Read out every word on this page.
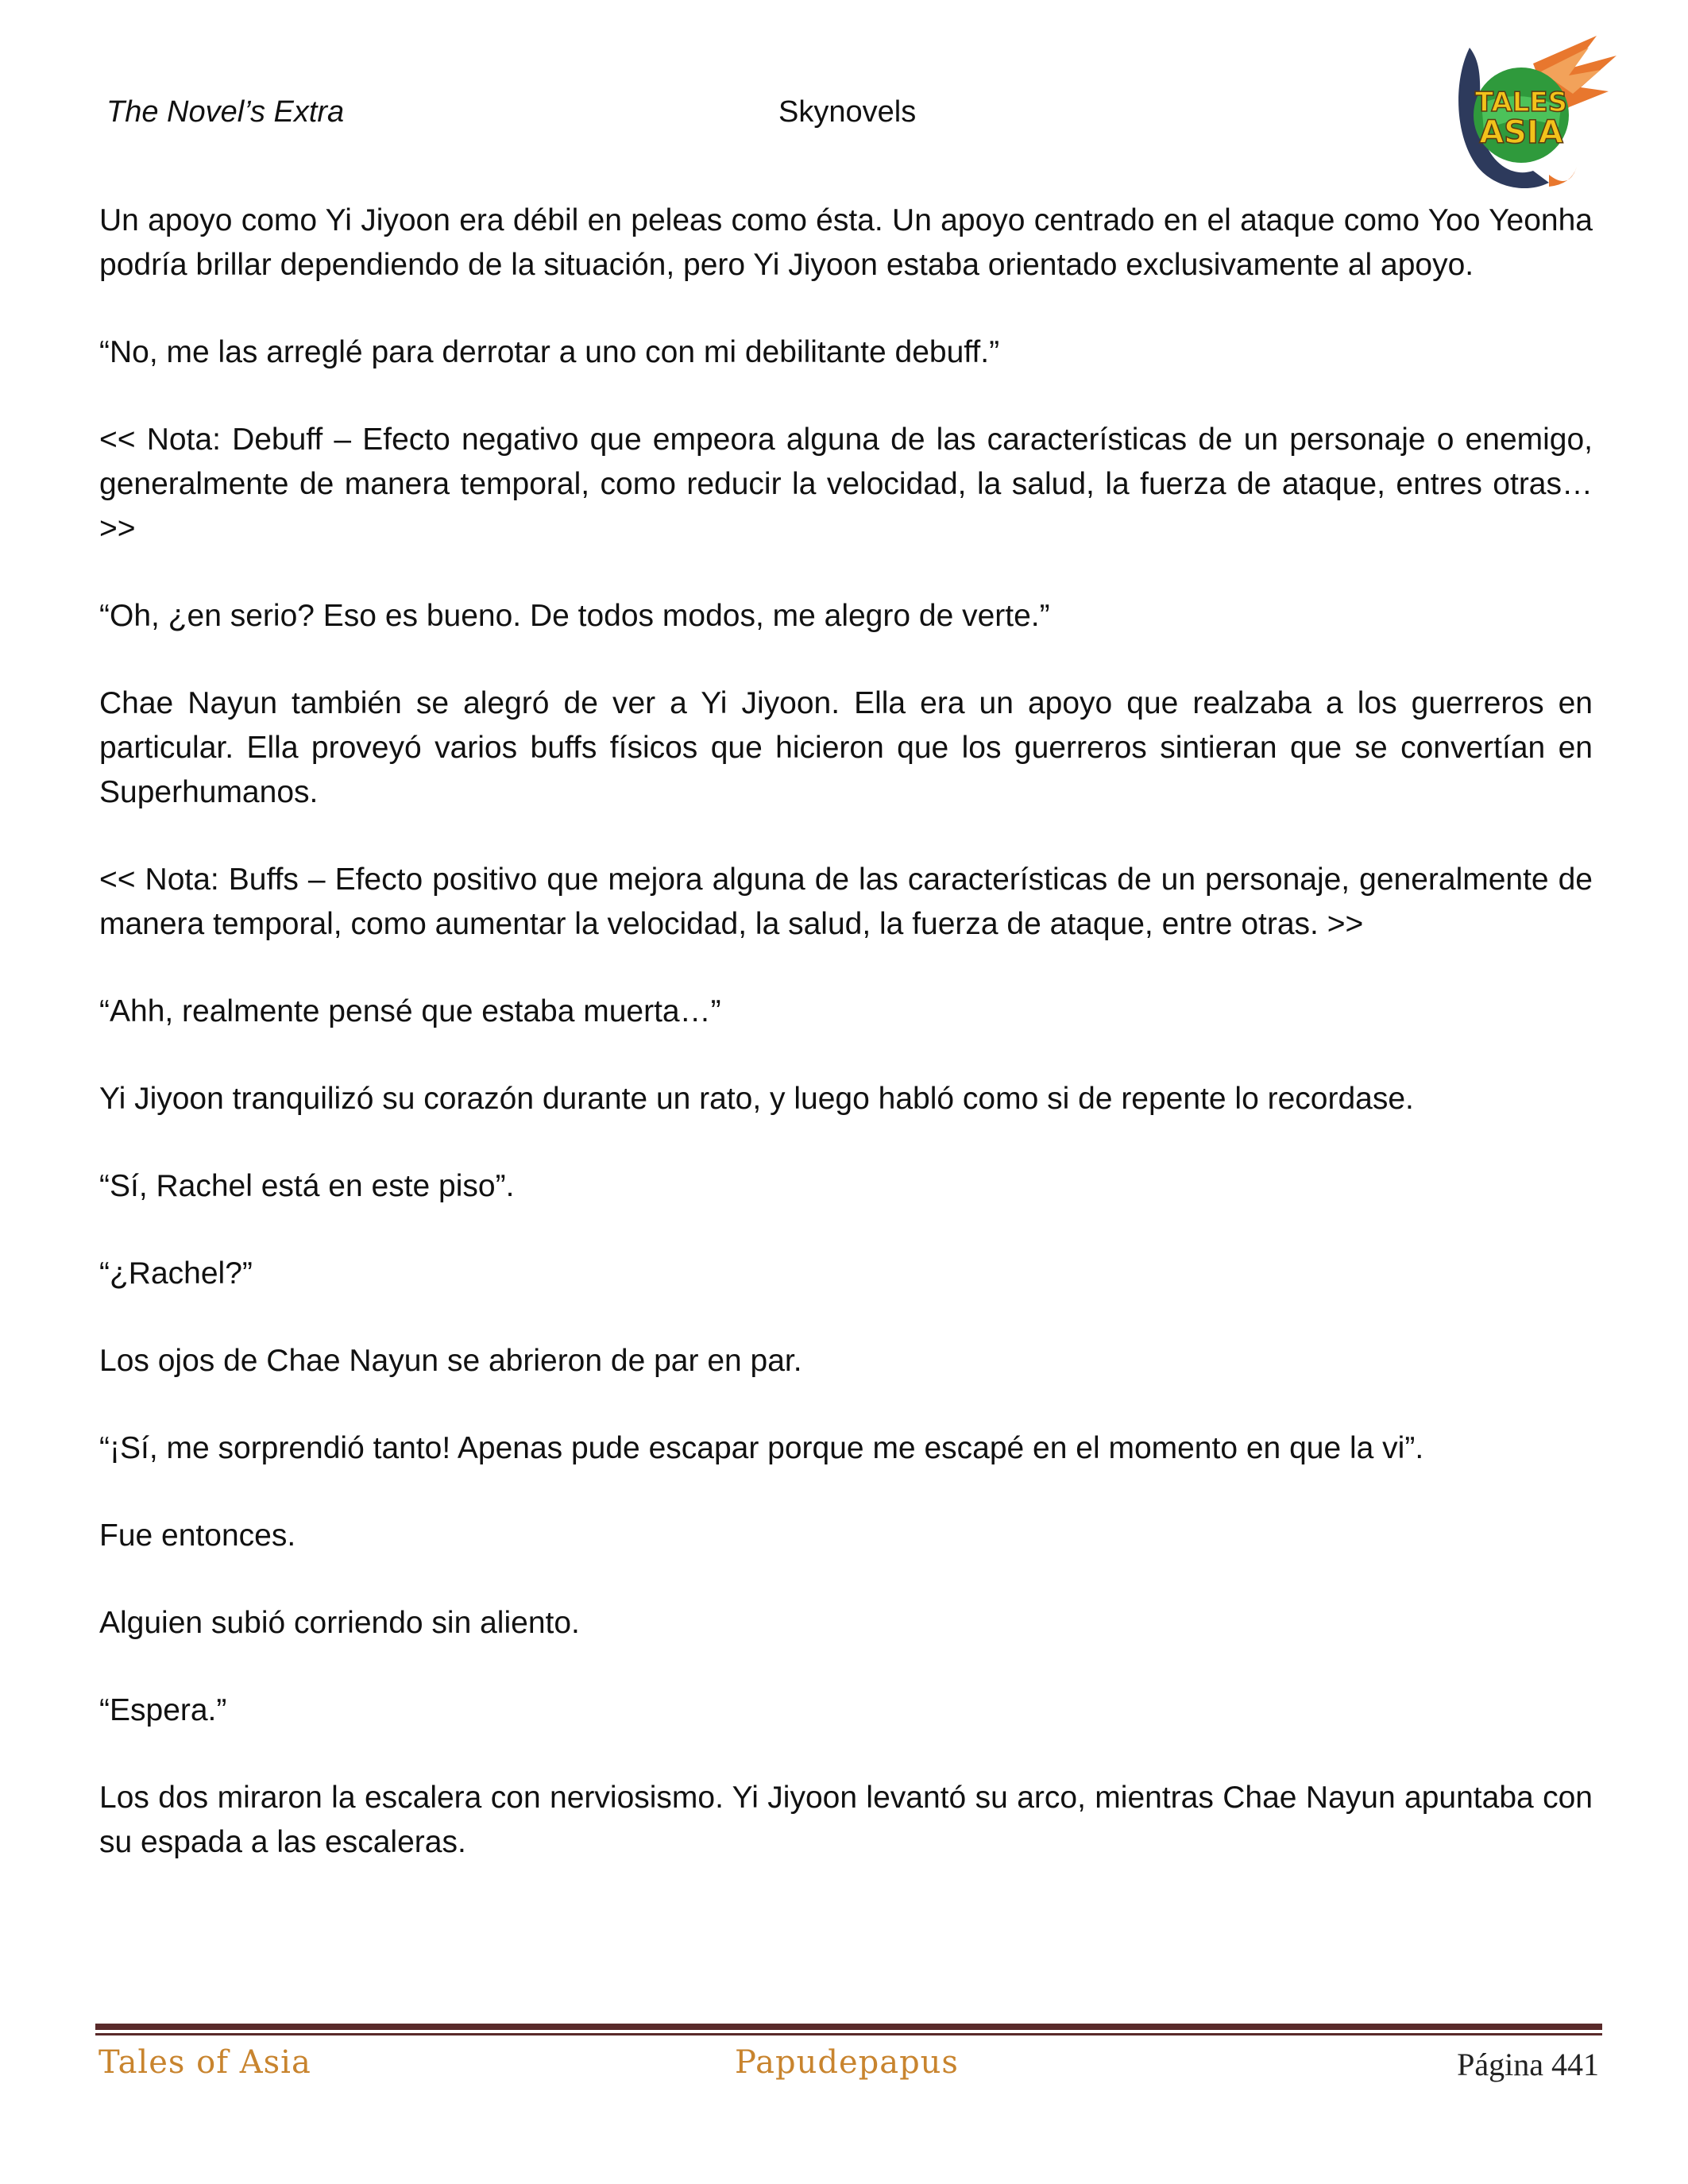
The Novel’s Extra	Skynovels	TALES
ASIA

Un apoyo como Yi Jiyoon era débil en peleas como ésta. Un apoyo centrado en el ataque como Yoo Yeonha podría brillar dependiendo de la situación, pero Yi Jiyoon estaba orientado exclusivamente al apoyo.

“No, me las arreglé para derrotar a uno con mi debilitante debuff.”

<< Nota: Debuff – Efecto negativo que empeora alguna de las características de un personaje o enemigo, generalmente de manera temporal, como reducir la velocidad, la salud, la fuerza de ataque, entres otras… >>

“Oh, ¿en serio? Eso es bueno. De todos modos, me alegro de verte.”

Chae Nayun también se alegró de ver a Yi Jiyoon. Ella era un apoyo que realzaba a los guerreros en particular. Ella proveyó varios buffs físicos que hicieron que los guerreros sintieran que se convertían en Superhumanos.

<< Nota: Buffs – Efecto positivo que mejora alguna de las características de un personaje, generalmente de manera temporal, como aumentar la velocidad, la salud, la fuerza de ataque, entre otras. >>

“Ahh, realmente pensé que estaba muerta…”

Yi Jiyoon tranquilizó su corazón durante un rato, y luego habló como si de repente lo recordase.

“Sí, Rachel está en este piso”.

“¿Rachel?”

Los ojos de Chae Nayun se abrieron de par en par.

“¡Sí, me sorprendió tanto! Apenas pude escapar porque me escapé en el momento en que la vi”.

Fue entonces.

Alguien subió corriendo sin aliento.

“Espera.”

Los dos miraron la escalera con nerviosismo. Yi Jiyoon levantó su arco, mientras Chae Nayun apuntaba con su espada a las escaleras.

Tales of Asia	Papudepapus	Página 441
